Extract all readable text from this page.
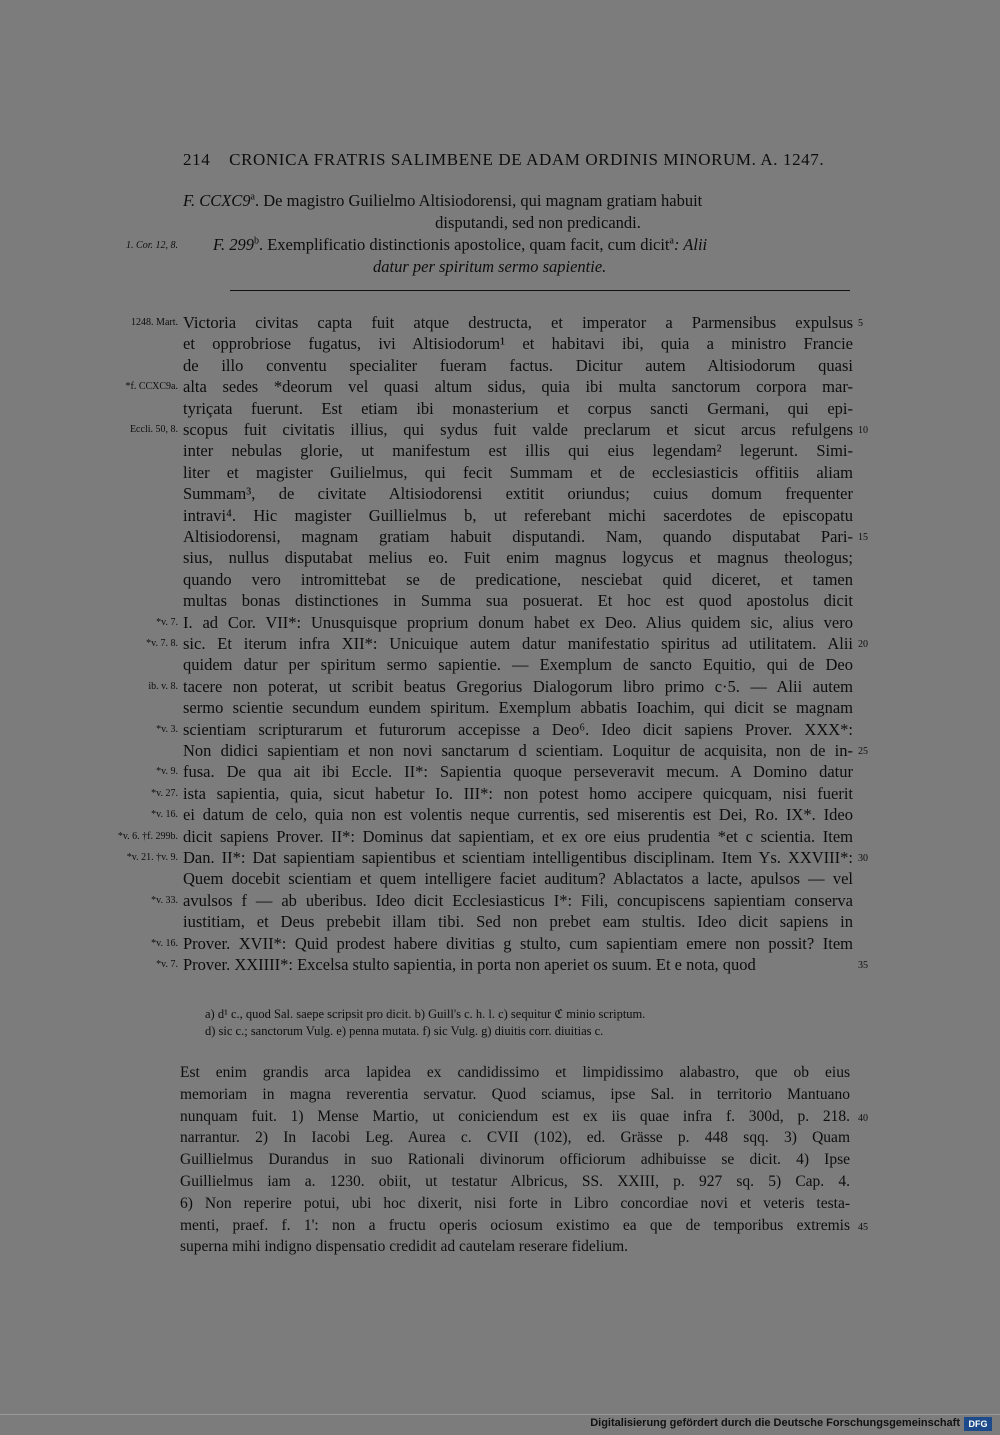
214 CRONICA FRATRIS SALIMBENE DE ADAM ORDINIS MINORUM. A. 1247.
F. CCXC9$^a$. De magistro Guilielmo Altisiodorensi, qui magnam gratiam habuit
disputandi, sed non predicandi.
F. 299$^b$. Exemplificatio distinctionis apostolice, quam facit, cum dicit$^a$: Alii
datur per spiritum sermo sapientie.
1. Cor. 12, 8.
Victoria civitas capta fuit atque destructa, et imperator a Parmensibus expulsus
1248. Mart.	5
et opprobriose fugatus, ivi Altisiodorum¹ et habitavi ibi, quia a ministro Francie
de illo conventu specialiter fueram factus. Dicitur autem Altisiodorum quasi
alta sedes *deorum vel quasi altum sidus, quia ibi multa sanctorum corpora mar-
*f. CCXC9a.
tyriçata fuerunt. Est etiam ibi monasterium et corpus sancti Germani, qui epi-
scopus fuit civitatis illius, qui sydus fuit valde preclarum et sicut arcus refulgens
Eccli. 50, 8.	10
inter nebulas glorie, ut manifestum est illis qui eius legendam² legerunt. Simi-
liter et magister Guilielmus, qui fecit Summam et de ecclesiasticis offitiis aliam
Summam³, de civitate Altisiodorensi extitit oriundus; cuius domum frequenter
intravi⁴. Hic magister Guillielmus b, ut referebant michi sacerdotes de episcopatu
Altisiodorensi, magnam gratiam habuit disputandi. Nam, quando disputabat Pari- 15
sius, nullus disputabat melius eo. Fuit enim magnus logycus et magnus theologus;
quando vero intromittebat se de predicatione, nesciebat quid diceret, et tamen
multas bonas distinctiones in Summa sua posuerat. Et hoc est quod apostolus dicit
I. ad Cor. VII*: Unusquisque proprium donum habet ex Deo. Alius quidem sic, alius vero
*v. 7.
sic. Et iterum infra XII*: Unicuique autem datur manifestatio spiritus ad utilitatem. Alii
*v. 7. 8.	20
quidem datur per spiritum sermo sapientie. — Exemplum de sancto Equitio, qui de Deo
tacere non poterat, ut scribit beatus Gregorius Dialogorum libro primo c·5. — Alii autem
ib. v. 8.
sermo scientie secundum eundem spiritum. Exemplum abbatis Ioachim, qui dicit se magnam
scientiam scripturarum et futurorum accepisse a Deo⁶. Ideo dicit sapiens Prover. XXX*:
*v. 3.
Non didici sapientiam et non novi sanctarum d scientiam. Loquitur de acquisita, non de in- 25
fusa. De qua ait ibi Eccle. II*: Sapientia quoque perseveravit mecum. A Domino datur
*v. 9.
ista sapientia, quia, sicut habetur Io. III*: non potest homo accipere quicquam, nisi fuerit
*v. 27.
ei datum de celo, quia non est volentis neque currentis, sed miserentis est Dei, Ro. IX*. Ideo
*v. 16.
dicit sapiens Prover. II*: Dominus dat sapientiam, et ex ore eius prudentia *et c scientia. Item
*v. 6. †f. 299b.
Dan. II*: Dat sapientiam sapientibus et scientiam intelligentibus disciplinam. Item Ys. XXVIII*:
*v. 21. †v. 9.	30
Quem docebit scientiam et quem intelligere faciet auditum? Ablactatos a lacte, apulsos — vel
avulsos f — ab uberibus. Ideo dicit Ecclesiasticus I*: Fili, concupiscens sapientiam conserva
*v. 33.
iustitiam, et Deus prebebit illam tibi. Sed non prebet eam stultis. Ideo dicit sapiens in
Prover. XVII*: Quid prodest habere divitias g stulto, cum sapientiam emere non possit? Item
*v. 16.
Prover. XXIIII*: Excelsa stulto sapientia, in porta non aperiet os suum. Et e nota, quod
*v. 7.	35
a) d¹ c., quod Sal. saepe scripsit pro dicit. b) Guill's c. h. l. c) sequitur ℭ minio scriptum.
d) sic c.; sanctorum Vulg. e) penna mutata. f) sic Vulg. g) diuitis corr. diuitias c.
Est enim grandis arca lapidea ex candidissimo et limpidissimo alabastro, que ob eius
memoriam in magna reverentia servatur. Quod sciamus, ipse Sal. in territorio Mantuano
nunquam fuit. 1) Mense Martio, ut coniciendum est ex iis quae infra f. 300d, p. 218. 40
narrantur. 2) In Iacobi Leg. Aurea c. CVII (102), ed. Grässe p. 448 sqq. 3) Quam
Guillielmus Durandus in suo Rationali divinorum officiorum adhibuisse se dicit. 4) Ipse
Guillielmus iam a. 1230. obiit, ut testatur Albricus, SS. XXIII, p. 927 sq. 5) Cap. 4.
6) Non reperire potui, ubi hoc dixerit, nisi forte in Libro concordiae novi et veteris testa-
menti, praef. f. 1': non a fructu operis ociosum existimo ea que de temporibus extremis 45
superna mihi indigno dispensatio credidit ad cautelam reserare fidelium.
Digitalisierung gefördert durch die Deutsche Forschungsgemeinschaft DFG
